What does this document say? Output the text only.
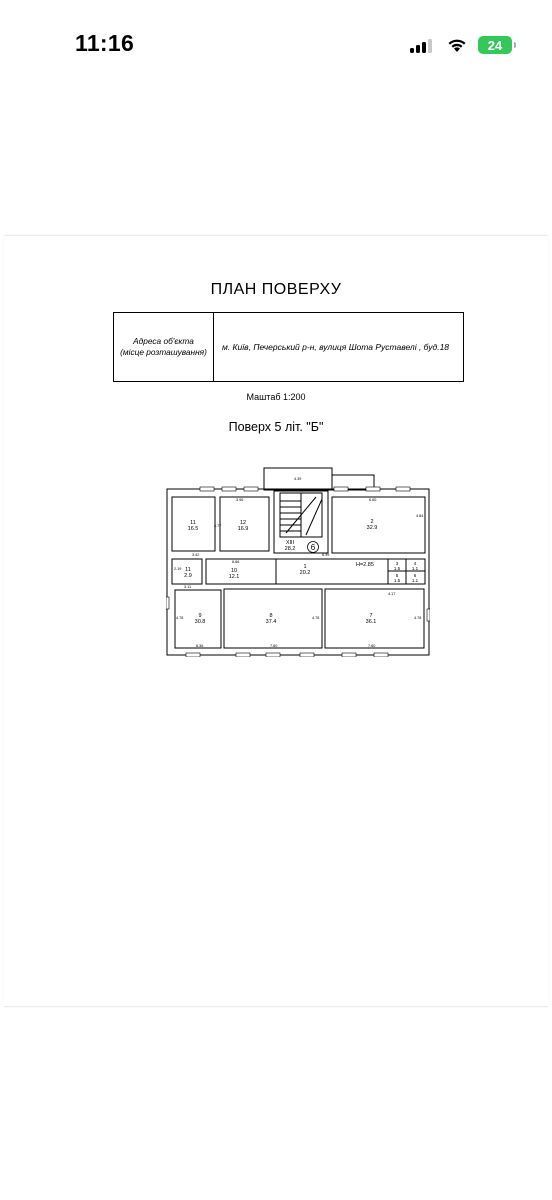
11:16	24
ПЛАН ПОВЕРХУ
Адреса об'єкта
(місце розташування)	м. Київ, Печерський р-н, вулиця Шота Руставелі , буд.18
Маштаб 1:200
Поверх 5 літ. "Б"
6
11
16.5
12
16.9
XIII
28.2
2
32.9
11
2.9
10
12.1
1
20.2
3
1.5
4
1.1
5
1.5
6
1.1
9
30.8
8
37.4
7
36.1
H=2.85
4.39
3.96
4.77
6.60
4.84
3.42
6.66
6.39
4.17
2.19
3.11
4.78
6.36	7.60	7.60
4.78	4.78
